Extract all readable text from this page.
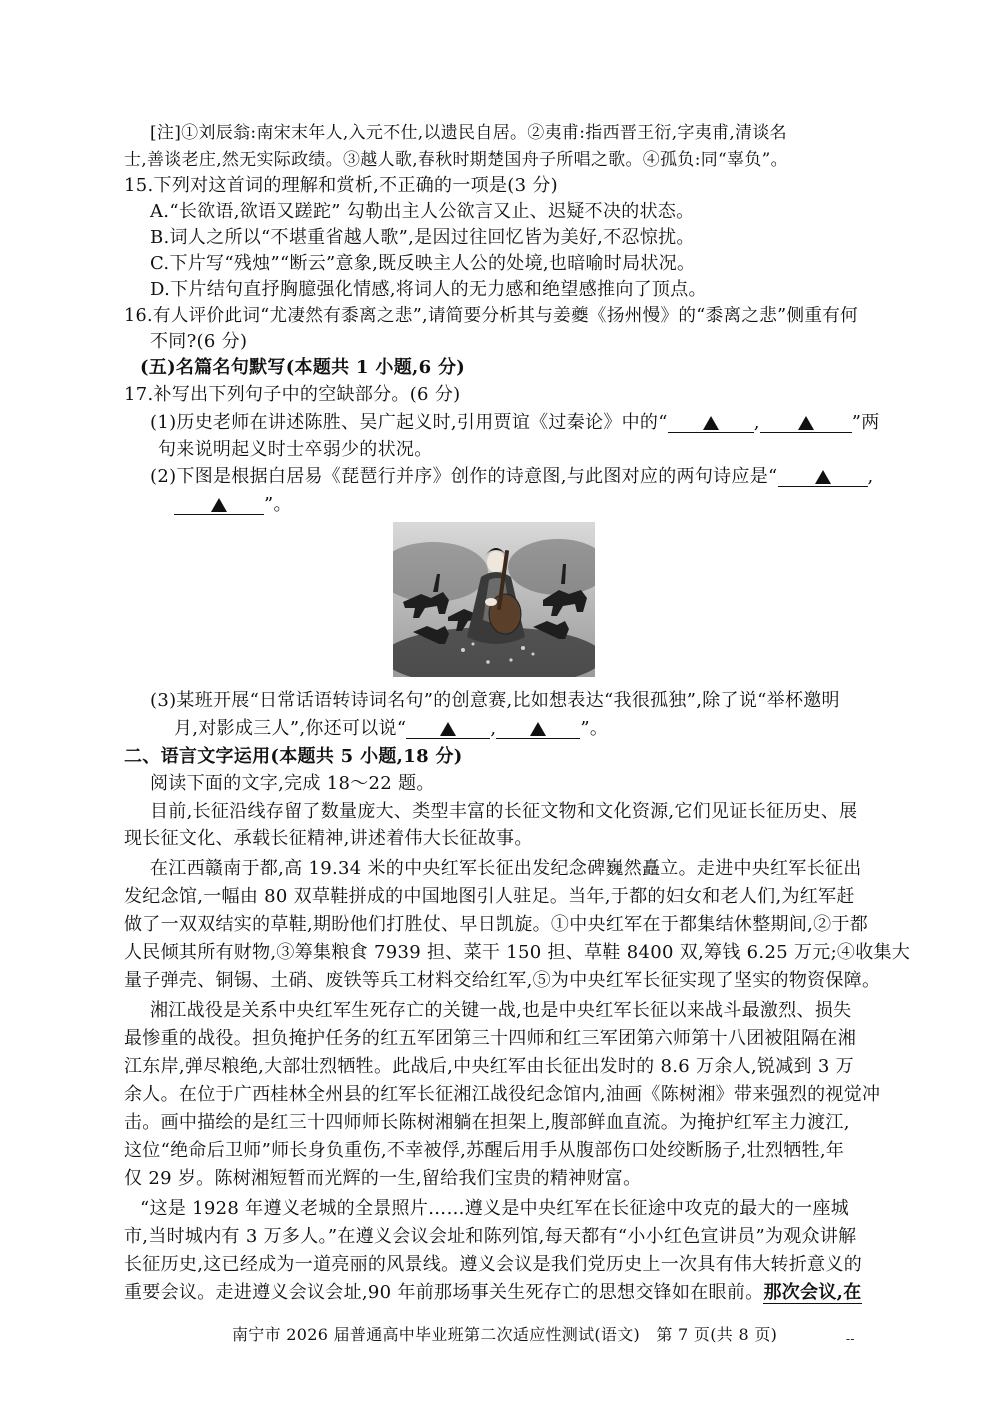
[注]①刘辰翁:南宋末年人,入元不仕,以遗民自居。②夷甫:指西晋王衍,字夷甫,清谈名
士,善谈老庄,然无实际政绩。③越人歌,春秋时期楚国舟子所唱之歌。④孤负:同“辜负”。
15.下列对这首词的理解和赏析,不正确的一项是(3 分)
A.“长欲语,欲语又蹉跎” 勾勒出主人公欲言又止、迟疑不决的状态。
B.词人之所以“不堪重省越人歌”,是因过往回忆皆为美好,不忍惊扰。
C.下片写“残烛”“断云”意象,既反映主人公的处境,也暗喻时局状况。
D.下片结句直抒胸臆强化情感,将词人的无力感和绝望感推向了顶点。
16.有人评价此词“尤凄然有黍离之悲”,请简要分析其与姜夔《扬州慢》的“黍离之悲”侧重有何
不同?(6 分)
(五)名篇名句默写(本题共 1 小题,6 分)
17.补写出下列句子中的空缺部分。(6 分)
(1)历史老师在讲述陈胜、吴广起义时,引用贾谊《过秦论》中的“	,	”两
句来说明起义时士卒弱少的状况。
(2)下图是根据白居易《琵琶行并序》创作的诗意图,与此图对应的两句诗应是“	,
”。
(3)某班开展“日常话语转诗词名句”的创意赛,比如想表达“我很孤独”,除了说“举杯邀明
月,对影成三人”,你还可以说“	,	”。
二、语言文字运用(本题共 5 小题,18 分)
阅读下面的文字,完成 18～22 题。
目前,长征沿线存留了数量庞大、类型丰富的长征文物和文化资源,它们见证长征历史、展
现长征文化、承载长征精神,讲述着伟大长征故事。
在江西赣南于都,高 19.34 米的中央红军长征出发纪念碑巍然矗立。走进中央红军长征出
发纪念馆,一幅由 80 双草鞋拼成的中国地图引人驻足。当年,于都的妇女和老人们,为红军赶
做了一双双结实的草鞋,期盼他们打胜仗、早日凯旋。①中央红军在于都集结休整期间,②于都
人民倾其所有财物,③筹集粮食 7939 担、菜干 150 担、草鞋 8400 双,筹钱 6.25 万元;④收集大
量子弹壳、铜锡、土硝、废铁等兵工材料交给红军,⑤为中央红军长征实现了坚实的物资保障。
湘江战役是关系中央红军生死存亡的关键一战,也是中央红军长征以来战斗最激烈、损失
最惨重的战役。担负掩护任务的红五军团第三十四师和红三军团第六师第十八团被阻隔在湘
江东岸,弹尽粮绝,大部壮烈牺牲。此战后,中央红军由长征出发时的 8.6 万余人,锐减到 3 万
余人。在位于广西桂林全州县的红军长征湘江战役纪念馆内,油画《陈树湘》带来强烈的视觉冲
击。画中描绘的是红三十四师师长陈树湘躺在担架上,腹部鲜血直流。为掩护红军主力渡江,
这位“绝命后卫师”师长身负重伤,不幸被俘,苏醒后用手从腹部伤口处绞断肠子,壮烈牺牲,年
仅 29 岁。陈树湘短暂而光辉的一生,留给我们宝贵的精神财富。
“这是 1928 年遵义老城的全景照片……遵义是中央红军在长征途中攻克的最大的一座城
市,当时城内有 3 万多人。”在遵义会议会址和陈列馆,每天都有“小小红色宣讲员”为观众讲解
长征历史,这已经成为一道亮丽的风景线。遵义会议是我们党历史上一次具有伟大转折意义的
重要会议。走进遵义会议会址,90 年前那场事关生死存亡的思想交锋如在眼前。那次会议,在
南宁市 2026 届普通高中毕业班第二次适应性测试(语文)　第 7 页(共 8 页)	--
